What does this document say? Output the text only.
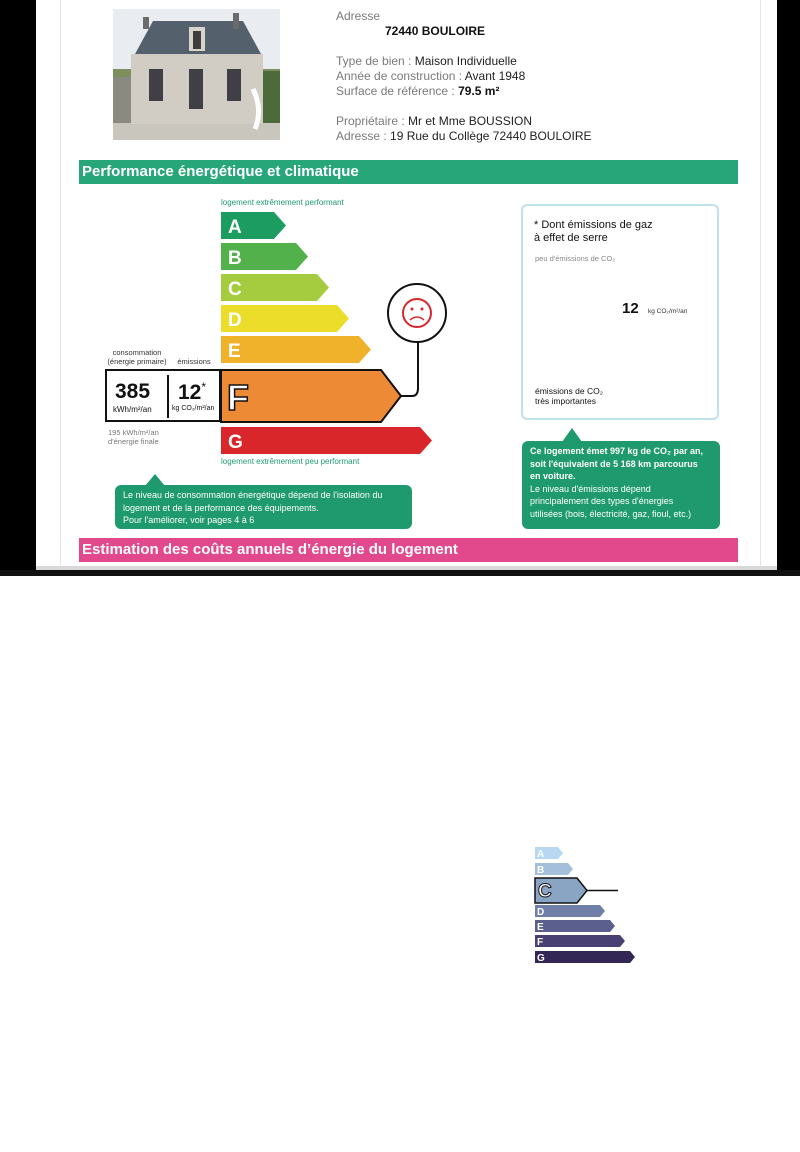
Adresse
72440 BOULOIRE
Type de bien : Maison Individuelle
Année de construction : Avant 1948
Surface de référence : 79.5 m²
Propriétaire : Mr et Mme BOUSSION
Adresse : 19 Rue du Collège 72440 BOULOIRE
Performance énergétique et climatique
logement extrêmement performant
logement extrêmement peu performant
A
B
C
D
E
F
G

consommation
(énergie primaire)	émissions
385
kWh/m²/an
12*
kg CO₂/m²/an
195 kWh/m²/an
d'énergie finale
Le niveau de consommation énergétique dépend de l'isolation du
logement et de la performance des équipements.
Pour l'améliorer, voir pages 4 à 6
* Dont émissions de gaz
à effet de serre
peu d'émissions de CO₂
A
B
C
D
E
F
G
12 kg CO₂/m²/an
émissions de CO₂
très importantes
Ce logement émet 997 kg de CO₂ par an,
soit l'équivalent de 5 168 km parcourus
en voiture.
Le niveau d'émissions dépend
principalement des types d'énergies
utilisées (bois, électricité, gaz, fioul, etc.)
Estimation des coûts annuels d’énergie du logement
